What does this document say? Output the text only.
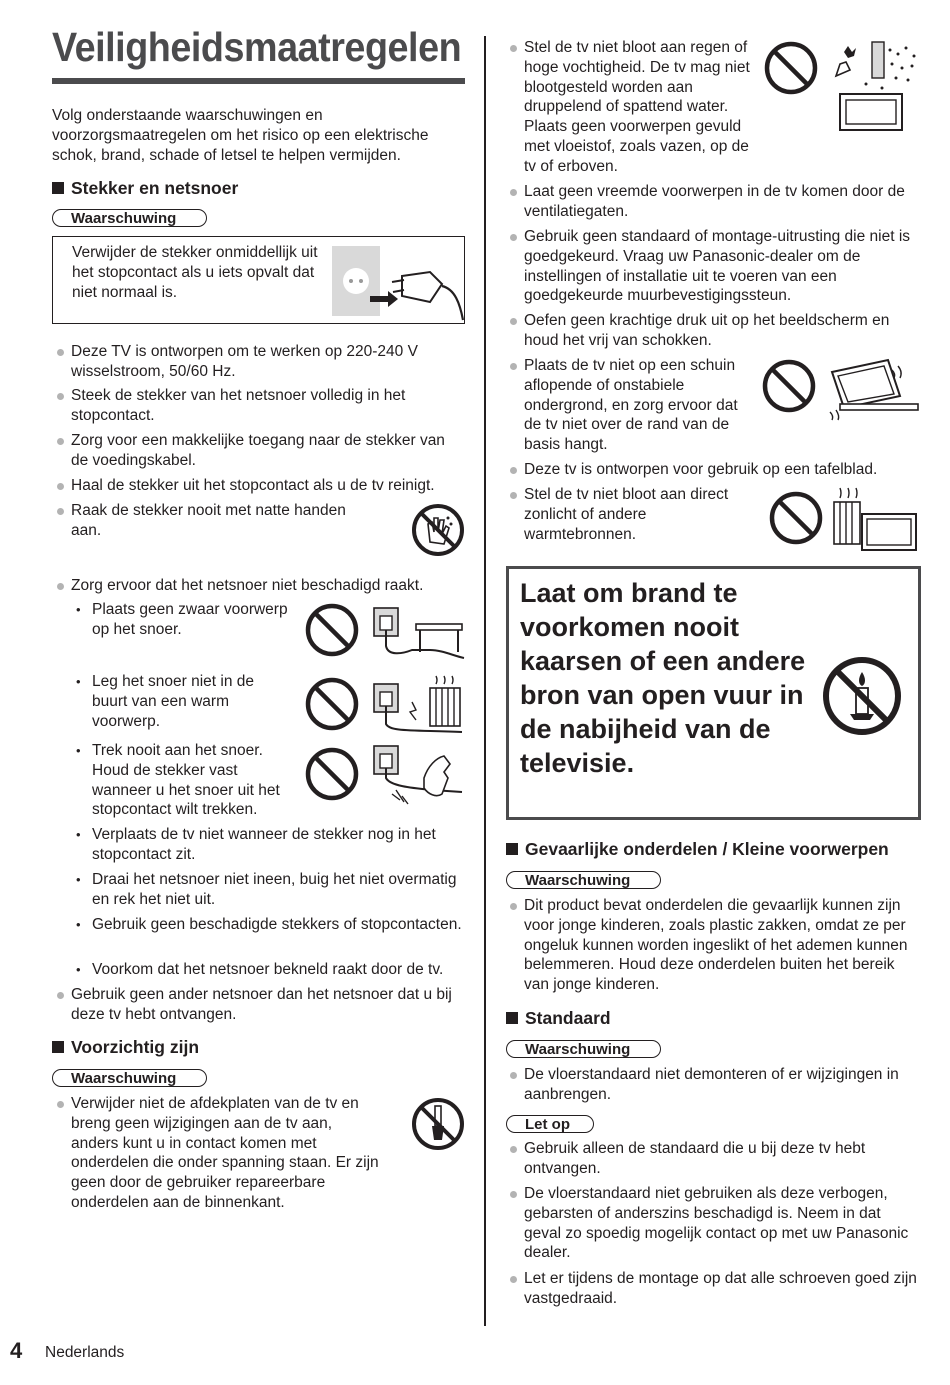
Veiligheidsmaatregelen
Volg onderstaande waarschuwingen en voorzorgsmaatregelen om het risico op een elektrische schok, brand, schade of letsel te helpen vermijden.
Stekker en netsnoer
Waarschuwing
Verwijder de stekker onmiddellijk uit het stopcontact als u iets opvalt dat niet normaal is.
Deze TV is ontworpen om te werken op 220-240 V wisselstroom, 50/60 Hz.
Steek de stekker van het netsnoer volledig in het stopcontact.
Zorg voor een makkelijke toegang naar de stekker van de voedingskabel.
Haal de stekker uit het stopcontact als u de tv reinigt.
Raak de stekker nooit met natte handen aan.
Zorg ervoor dat het netsnoer niet beschadigd raakt.
• Plaats geen zwaar voorwerp op het snoer.
• Leg het snoer niet in de buurt van een warm voorwerp.
• Trek nooit aan het snoer. Houd de stekker vast wanneer u het snoer uit het stopcontact wilt trekken.
• Verplaats de tv niet wanneer de stekker nog in het stopcontact zit.
• Draai het netsnoer niet ineen, buig het niet overmatig en rek het niet uit.
• Gebruik geen beschadigde stekkers of stopcontacten.
• Voorkom dat het netsnoer bekneld raakt door de tv.
Gebruik geen ander netsnoer dan het netsnoer dat u bij deze tv hebt ontvangen.
Voorzichtig zijn
Waarschuwing
Verwijder niet de afdekplaten van de tv en breng geen wijzigingen aan de tv aan, anders kunt u in contact komen met onderdelen die onder spanning staan. Er zijn geen door de gebruiker repareerbare onderdelen aan de binnenkant.
Stel de tv niet bloot aan regen of hoge vochtigheid. De tv mag niet blootgesteld worden aan druppelend of spattend water. Plaats geen voorwerpen gevuld met vloeistof, zoals vazen, op de tv of erboven.
Laat geen vreemde voorwerpen in de tv komen door de ventilatiegaten.
Gebruik geen standaard of montage-uitrusting die niet is goedgekeurd. Vraag uw Panasonic-dealer om de instellingen of installatie uit te voeren van een goedgekeurde muurbevestigingssteun.
Oefen geen krachtige druk uit op het beeldscherm en houd het vrij van schokken.
Plaats de tv niet op een schuin aflopende of onstabiele ondergrond, en zorg ervoor dat de tv niet over de rand van de basis hangt.
Deze tv is ontworpen voor gebruik op een tafelblad.
Stel de tv niet bloot aan direct zonlicht of andere warmtebronnen.
Laat om brand te voorkomen nooit kaarsen of een andere bron van open vuur in de nabijheid van de televisie.
Gevaarlijke onderdelen / Kleine voorwerpen
Waarschuwing
Dit product bevat onderdelen die gevaarlijk kunnen zijn voor jonge kinderen, zoals plastic zakken, omdat ze per ongeluk kunnen worden ingeslikt of het ademen kunnen belemmeren. Houd deze onderdelen buiten het bereik van jonge kinderen.
Standaard
Waarschuwing
De vloerstandaard niet demonteren of er wijzigingen in aanbrengen.
Let op
Gebruik alleen de standaard die u bij deze tv hebt ontvangen.
De vloerstandaard niet gebruiken als deze verbogen, gebarsten of anderszins beschadigd is. Neem in dat geval zo spoedig mogelijk contact op met uw Panasonic dealer.
Let er tijdens de montage op dat alle schroeven goed zijn vastgedraaid.
4 Nederlands
